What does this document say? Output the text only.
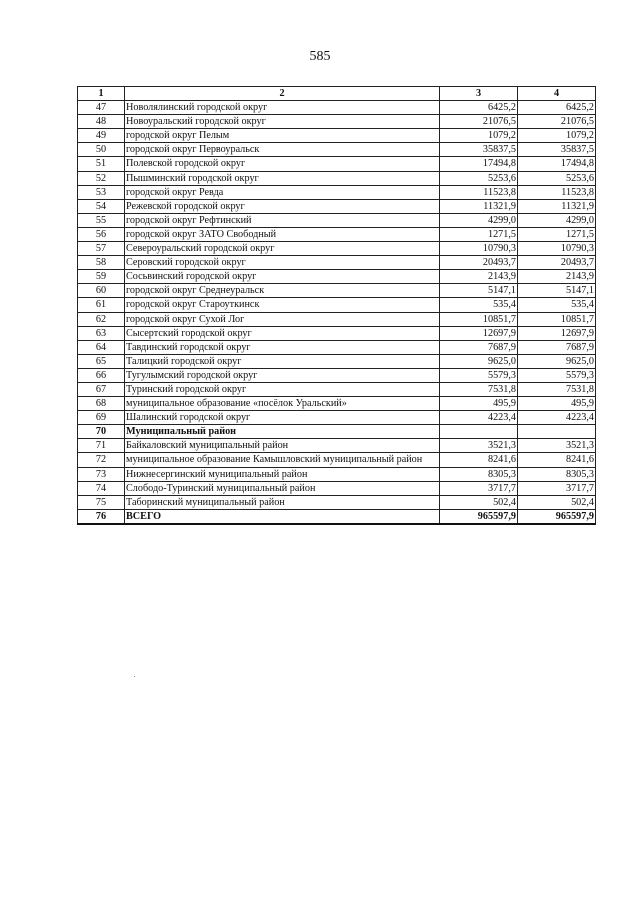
585
1	2	3	4
47	Новолялинский городской округ	6425,2	6425,2
48	Новоуральский городской округ	21076,5	21076,5
49	городской округ Пелым	1079,2	1079,2
50	городской округ Первоуральск	35837,5	35837,5
51	Полевской городской округ	17494,8	17494,8
52	Пышминский городской округ	5253,6	5253,6
53	городской округ Ревда	11523,8	11523,8
54	Режевской городской округ	11321,9	11321,9
55	городской округ Рефтинский	4299,0	4299,0
56	городской округ ЗАТО Свободный	1271,5	1271,5
57	Североуральский городской округ	10790,3	10790,3
58	Серовский городской округ	20493,7	20493,7
59	Сосьвинский городской округ	2143,9	2143,9
60	городской округ Среднеуральск	5147,1	5147,1
61	городской округ Староуткинск	535,4	535,4
62	городской округ Сухой Лог	10851,7	10851,7
63	Сысертский городской округ	12697,9	12697,9
64	Тавдинский городской округ	7687,9	7687,9
65	Талицкий городской округ	9625,0	9625,0
66	Тугулымский городской округ	5579,3	5579,3
67	Туринский городской округ	7531,8	7531,8
68	муниципальное образование «посёлок Уральский»	495,9	495,9
69	Шалинский городской округ	4223,4	4223,4
70	Муниципальный район		
71	Байкаловский муниципальный район	3521,3	3521,3
72	муниципальное образование Камышловский муниципальный район	8241,6	8241,6
73	Нижнесергинский муниципальный район	8305,3	8305,3
74	Слободо-Туринский муниципальный район	3717,7	3717,7
75	Таборинский муниципальный район	502,4	502,4
76	ВСЕГО	965597,9	965597,9
